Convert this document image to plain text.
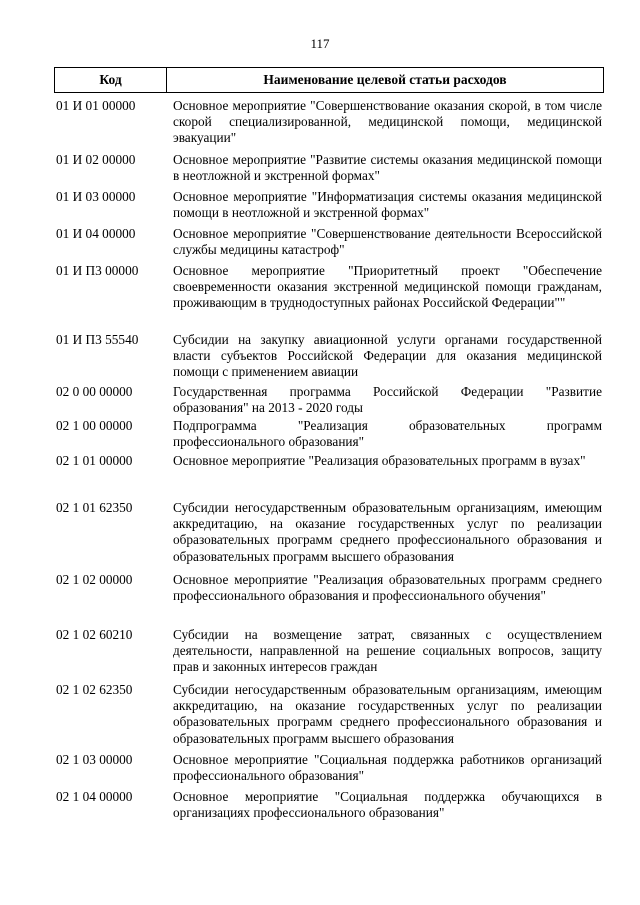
117
Код	Наименование целевой статьи расходов
01 И 01 00000	Основное мероприятие "Совершенствование оказания скорой, в том числе скорой специализированной, медицинской помощи, медицинской эвакуации"
01 И 02 00000	Основное мероприятие "Развитие системы оказания медицинской помощи в неотложной и экстренной формах"
01 И 03 00000	Основное мероприятие "Информатизация системы оказания медицинской помощи в неотложной и экстренной формах"
01 И 04 00000	Основное мероприятие "Совершенствование деятельности Всероссийской службы медицины катастроф"
01 И П3 00000	Основное мероприятие "Приоритетный проект "Обеспечение своевременности оказания экстренной медицинской помощи гражданам, проживающим в труднодоступных районах Российской Федерации""
01 И П3 55540	Субсидии на закупку авиационной услуги органами государственной власти субъектов Российской Федерации для оказания медицинской помощи с применением авиации
02 0 00 00000	Государственная программа Российской Федерации "Развитие образования" на 2013 - 2020 годы
02 1 00 00000	Подпрограмма "Реализация образовательных программ профессионального образования"
02 1 01 00000	Основное мероприятие "Реализация образовательных программ в вузах"
02 1 01 62350	Субсидии негосударственным образовательным организациям, имеющим аккредитацию, на оказание государственных услуг по реализации образовательных программ среднего профессионального образования и образовательных программ высшего образования
02 1 02 00000	Основное мероприятие "Реализация образовательных программ среднего профессионального образования и профессионального обучения"
02 1 02 60210	Субсидии на возмещение затрат, связанных с осуществлением деятельности, направленной на решение социальных вопросов, защиту прав и законных интересов граждан
02 1 02 62350	Субсидии негосударственным образовательным организациям, имеющим аккредитацию, на оказание государственных услуг по реализации образовательных программ среднего профессионального образования и образовательных программ высшего образования
02 1 03 00000	Основное мероприятие "Социальная поддержка работников организаций профессионального образования"
02 1 04 00000	Основное мероприятие "Социальная поддержка обучающихся в организациях профессионального образования"
